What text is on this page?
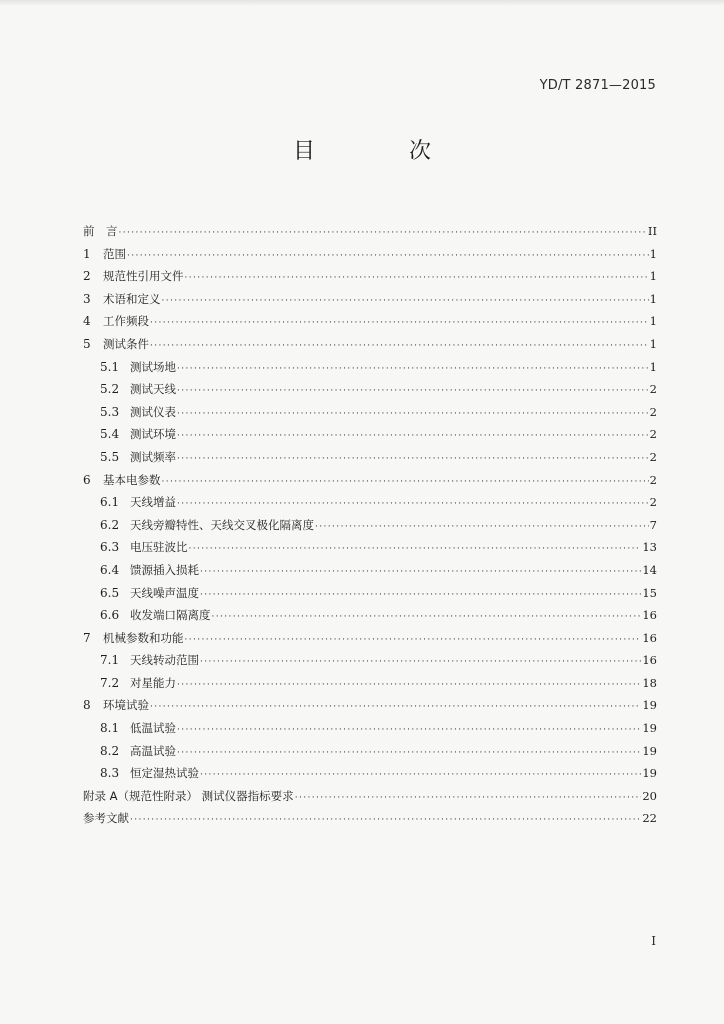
YD/T 2871—2015
目　次
前　言 ·····	II
1	范围 ·····	1
2	规范性引用文件 ·····	1
3	术语和定义 ·····	1
4	工作频段 ·····	1
5	测试条件 ·····	1
5.1 测试场地 ·····	1
5.2 测试天线 ·····	2
5.3 测试仪表 ·····	2
5.4 测试环境 ·····	2
5.5 测试频率 ·····	2
6	基本电参数 ·····	2
6.1 天线增益 ·····	2
6.2 天线旁瓣特性、天线交叉极化隔离度 ·····	7
6.3 电压驻波比 ·····	13
6.4 馈源插入损耗 ·····	14
6.5 天线噪声温度 ·····	15
6.6 收发端口隔离度 ·····	16
7	机械参数和功能 ·····	16
7.1 天线转动范围 ·····	16
7.2 对星能力 ·····	18
8	环境试验 ·····	19
8.1 低温试验 ·····	19
8.2 高温试验 ·····	19
8.3 恒定湿热试验 ·····	19
附录 A（规范性附录） 测试仪器指标要求 ·····	20
参考文献 ·····	22
I
